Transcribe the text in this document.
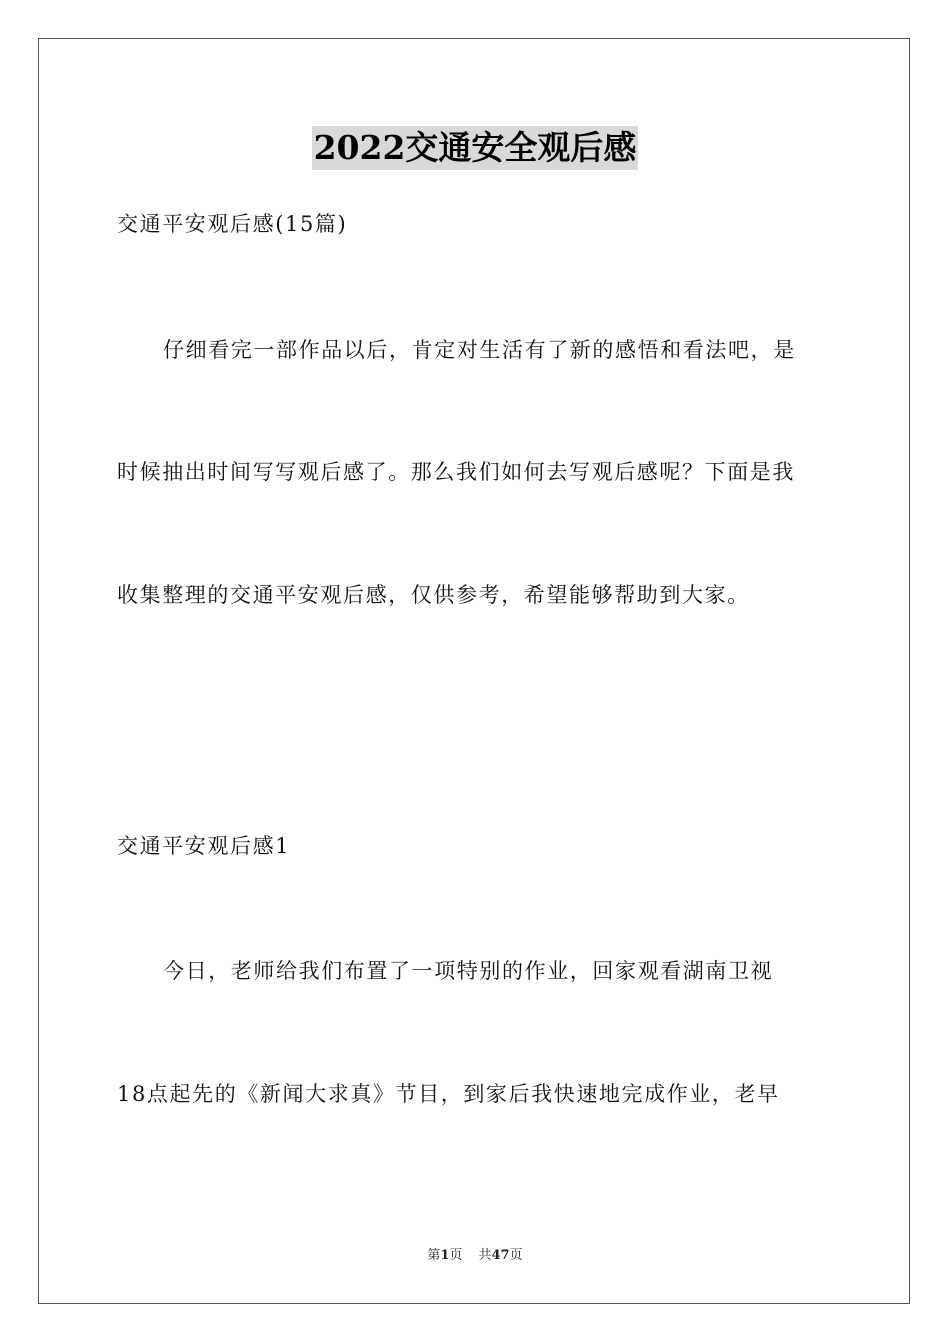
2022交通安全观后感
交通平安观后感(15篇)
仔细看完一部作品以后，肯定对生活有了新的感悟和看法吧，是
时候抽出时间写写观后感了。那么我们如何去写观后感呢？下面是我
收集整理的交通平安观后感，仅供参考，希望能够帮助到大家。
交通平安观后感1
今日，老师给我们布置了一项特别的作业，回家观看湖南卫视
18点起先的《新闻大求真》节目，到家后我快速地完成作业，老早
第1页 共47页
